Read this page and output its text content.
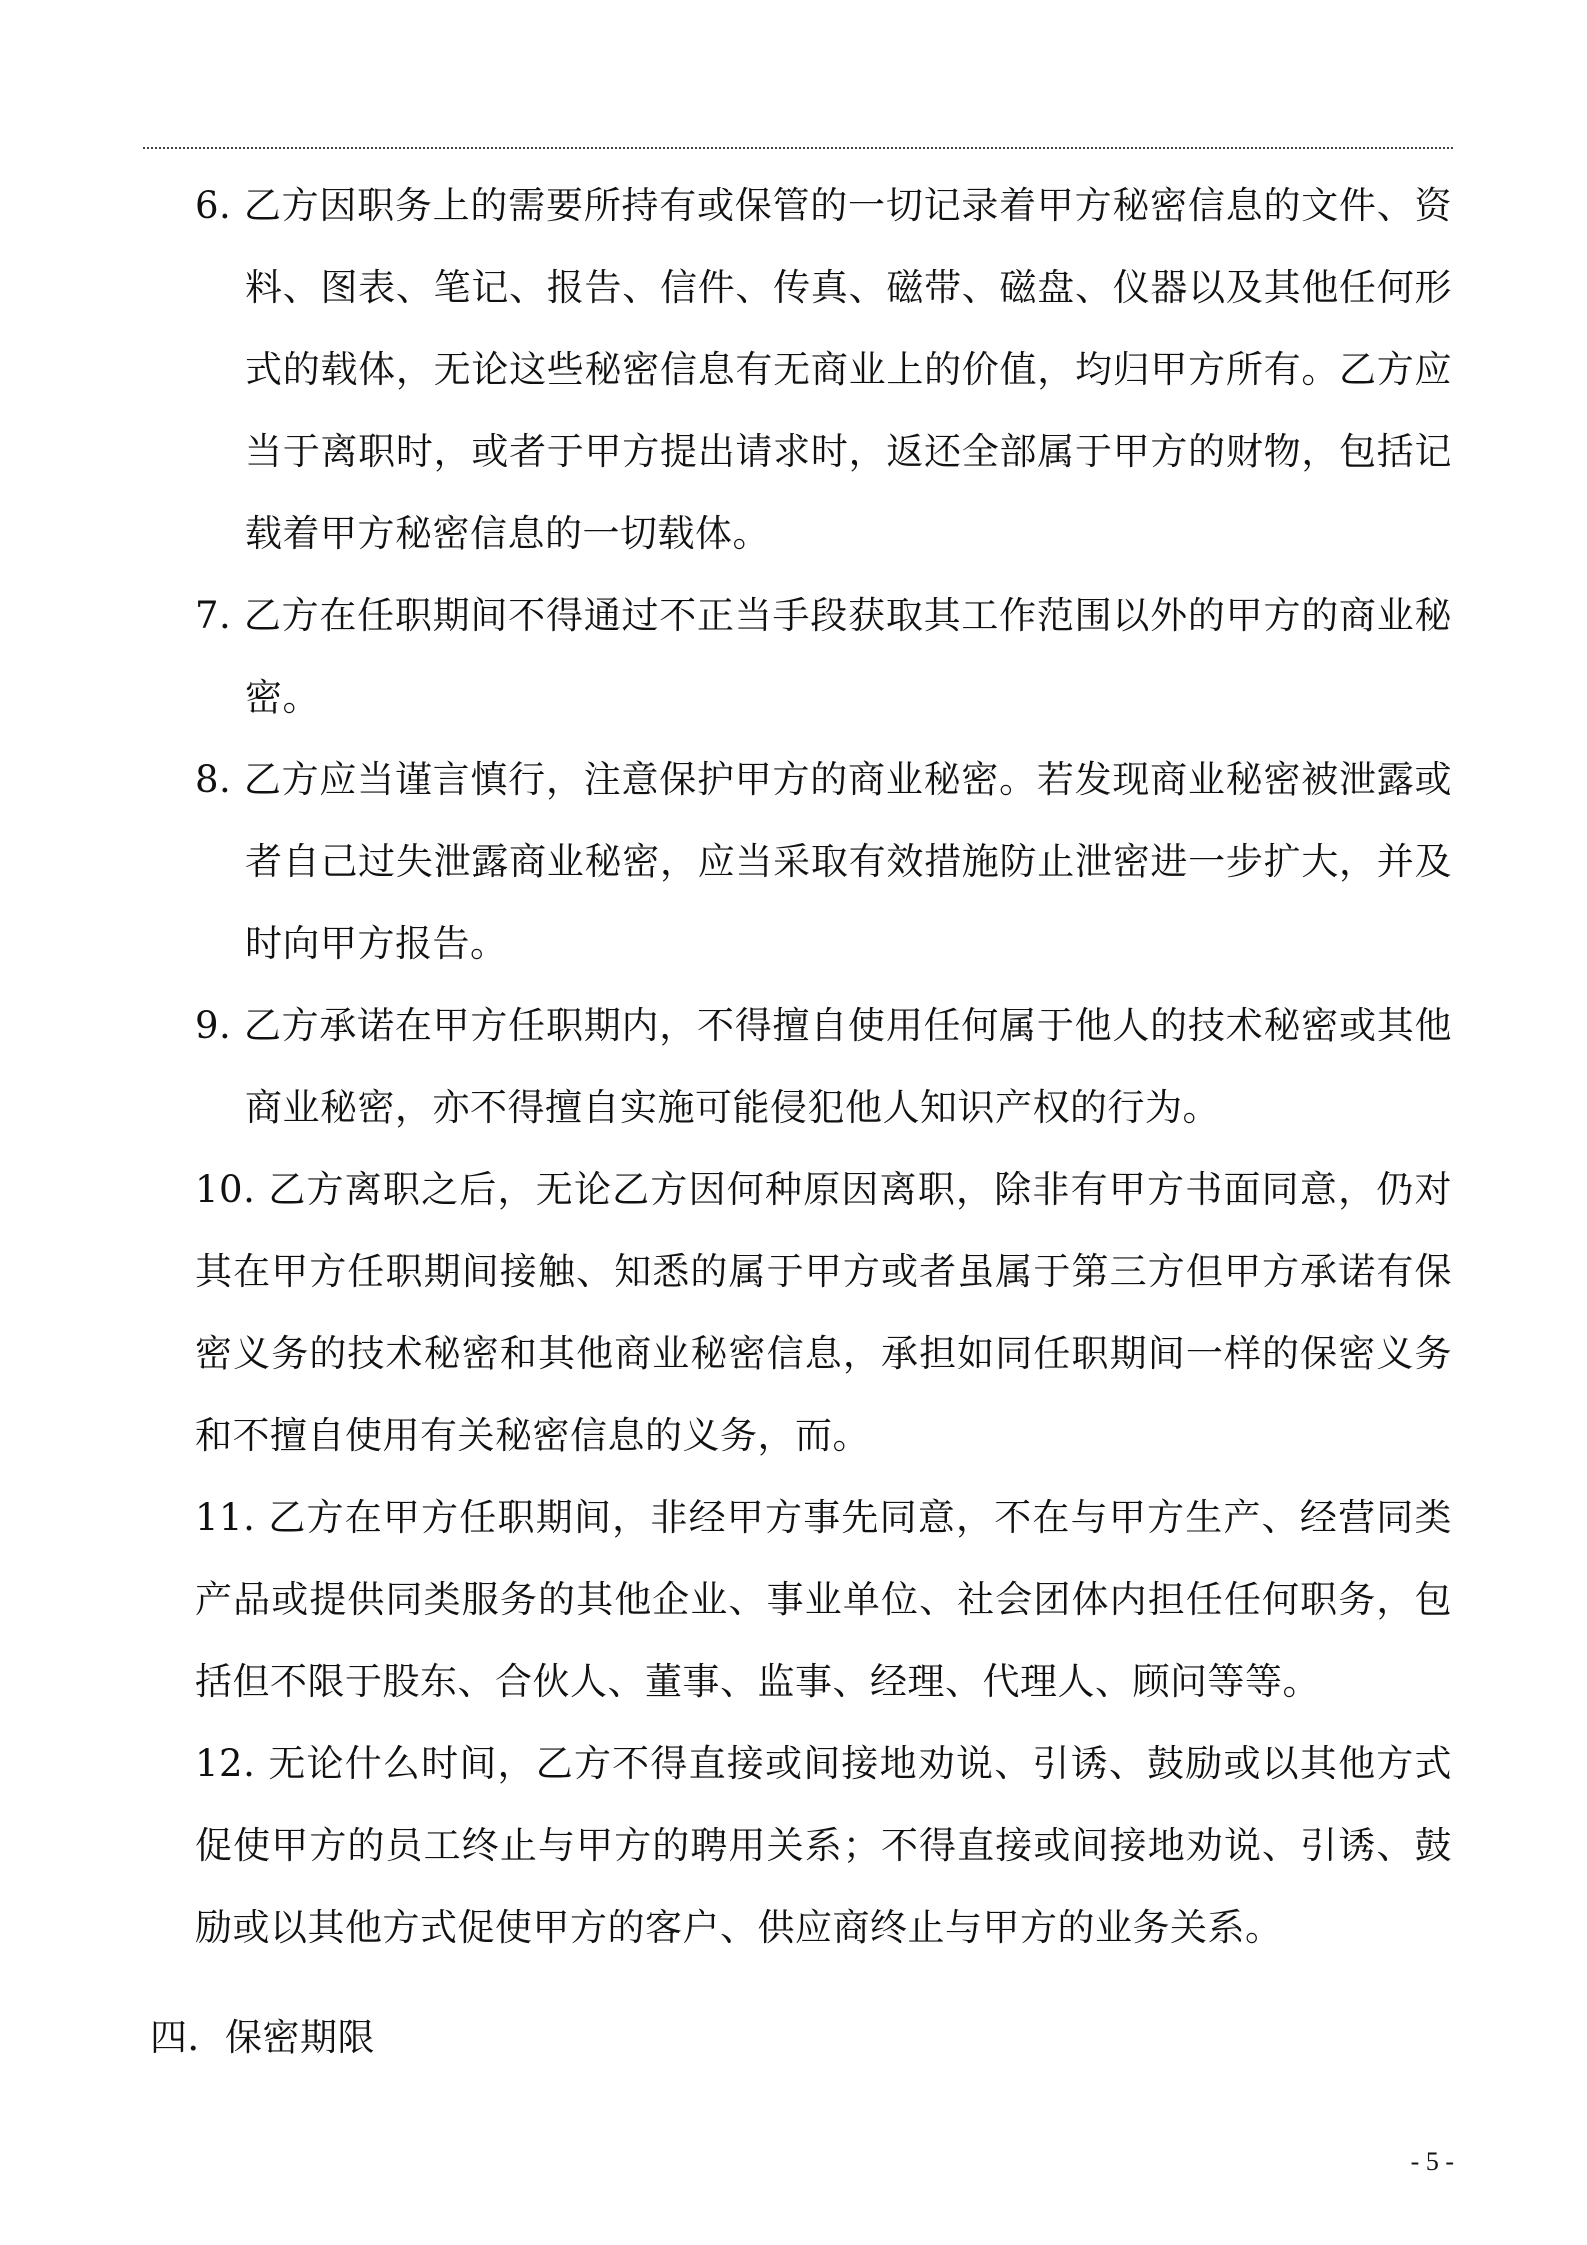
6. 乙方因职务上的需要所持有或保管的一切记录着甲方秘密信息的文件、资料、图表、笔记、报告、信件、传真、磁带、磁盘、仪器以及其他任何形式的载体，无论这些秘密信息有无商业上的价值，均归甲方所有。乙方应当于离职时，或者于甲方提出请求时，返还全部属于甲方的财物，包括记载着甲方秘密信息的一切载体。
7. 乙方在任职期间不得通过不正当手段获取其工作范围以外的甲方的商业秘密。
8. 乙方应当谨言慎行，注意保护甲方的商业秘密。若发现商业秘密被泄露或者自己过失泄露商业秘密，应当采取有效措施防止泄密进一步扩大，并及时向甲方报告。
9. 乙方承诺在甲方任职期内，不得擅自使用任何属于他人的技术秘密或其他商业秘密，亦不得擅自实施可能侵犯他人知识产权的行为。
10. 乙方离职之后，无论乙方因何种原因离职，除非有甲方书面同意，仍对其在甲方任职期间接触、知悉的属于甲方或者虽属于第三方但甲方承诺有保密义务的技术秘密和其他商业秘密信息，承担如同任职期间一样的保密义务和不擅自使用有关秘密信息的义务，而。
11. 乙方在甲方任职期间，非经甲方事先同意，不在与甲方生产、经营同类产品或提供同类服务的其他企业、事业单位、社会团体内担任任何职务，包括但不限于股东、合伙人、董事、监事、经理、代理人、顾问等等。
12. 无论什么时间，乙方不得直接或间接地劝说、引诱、鼓励或以其他方式促使甲方的员工终止与甲方的聘用关系；不得直接或间接地劝说、引诱、鼓励或以其他方式促使甲方的客户、供应商终止与甲方的业务关系。
四．保密期限
- 5 -
